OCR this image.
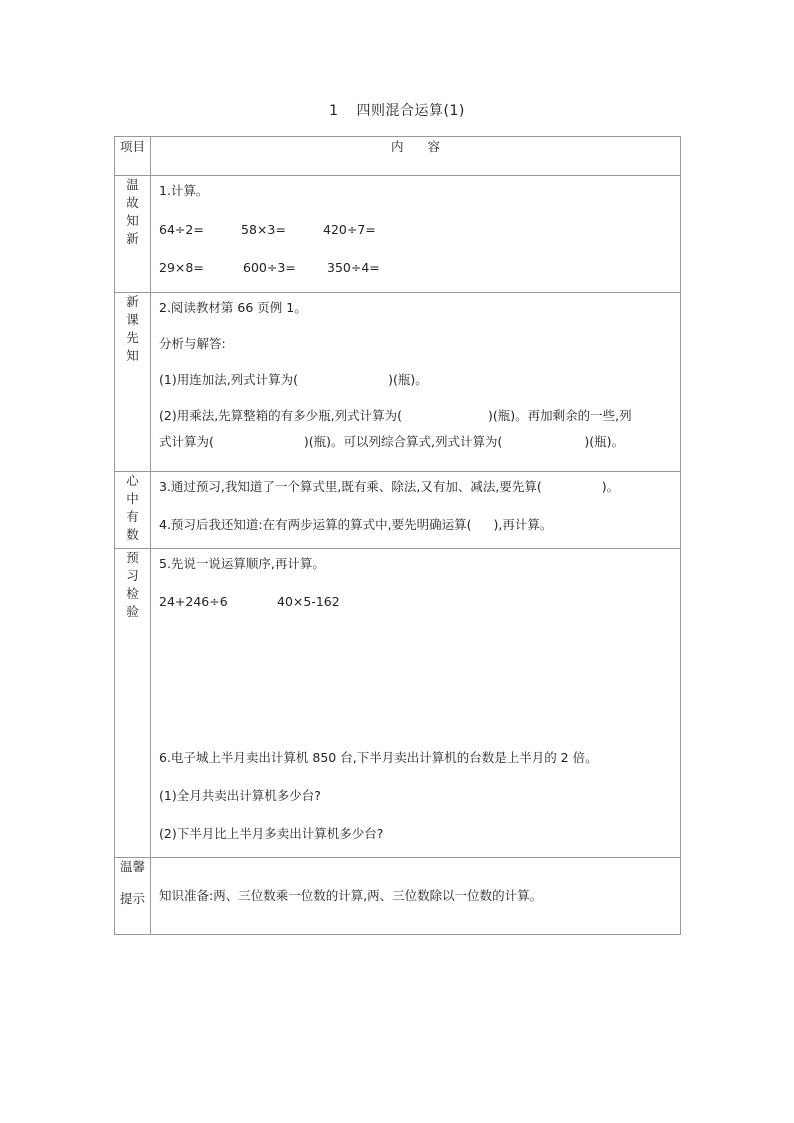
1 四则混合运算(1)
项目	内 容

温故知新	1.计算。
64÷2= 58×3= 420÷7=
29×8= 600÷3= 350÷4=

新课先知	2.阅读教材第 66 页例 1。
分析与解答:
(1)用连加法,列式计算为( )(瓶)。
(2)用乘法,先算整箱的有多少瓶,列式计算为( )(瓶)。再加剩余的一些,列
式计算为( )(瓶)。可以列综合算式,列式计算为( )(瓶)。

心中有数	3.通过预习,我知道了一个算式里,既有乘、除法,又有加、减法,要先算( )。
4.预习后我还知道:在有两步运算的算式中,要先明确运算( ),再计算。

预习检验	5.先说一说运算顺序,再计算。
24+246÷6 40×5-162
6.电子城上半月卖出计算机 850 台,下半月卖出计算机的台数是上半月的 2 倍。
(1)全月共卖出计算机多少台?
(2)下半月比上半月多卖出计算机多少台?

温馨
提示	知识准备:两、三位数乘一位数的计算,两、三位数除以一位数的计算。
